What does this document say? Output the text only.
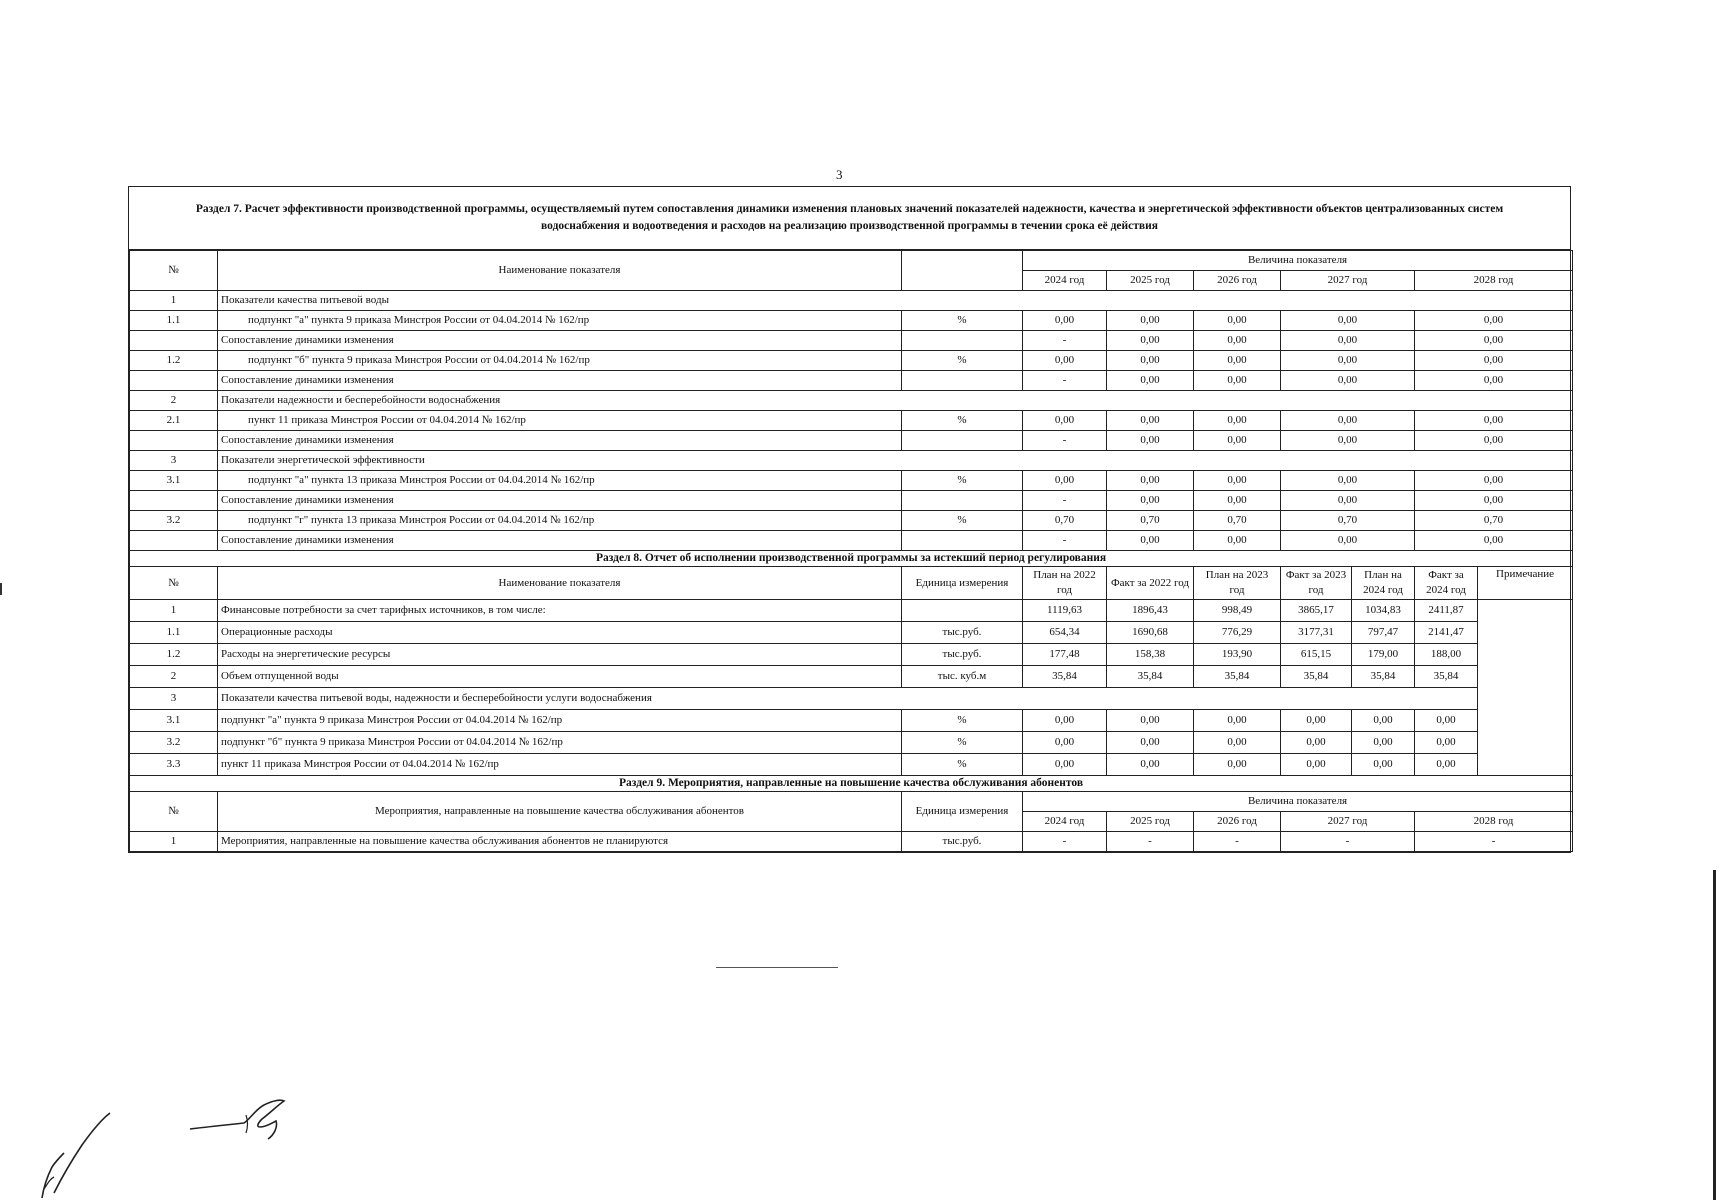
3
Раздел 7. Расчет эффективности производственной программы, осуществляемый путем сопоставления динамики изменения плановых значений показателей надежности, качества и энергетической эффективности объектов централизованных систем водоснабжения и водоотведения и расходов на реализацию производственной программы в течении срока её действия
№	Наименование показателя		Величина показателя						
			2024 год	2025 год	2026 год	2027 год		2028 год	
1	Показатели качества питьевой воды								
1.1	подпункт "а" пункта 9 приказа Минстроя России от 04.04.2014 № 162/пр	%	0,00	0,00	0,00	0,00		0,00	
	Сопоставление динамики изменения		-	0,00	0,00	0,00		0,00	
1.2	подпункт "б" пункта 9 приказа Минстроя России от 04.04.2014 № 162/пр	%	0,00	0,00	0,00	0,00		0,00	
	Сопоставление динамики изменения		-	0,00	0,00	0,00		0,00	
2	Показатели надежности и бесперебойности водоснабжения								
2.1	пункт 11 приказа Минстроя России от 04.04.2014 № 162/пр	%	0,00	0,00	0,00	0,00		0,00	
	Сопоставление динамики изменения		-	0,00	0,00	0,00		0,00	
3	Показатели энергетической эффективности								
3.1	подпункт "а" пункта 13 приказа Минстроя России от 04.04.2014 № 162/пр	%	0,00	0,00	0,00	0,00		0,00	
	Сопоставление динамики изменения		-	0,00	0,00	0,00		0,00	
3.2	подпункт "г" пункта 13 приказа Минстроя России от 04.04.2014 № 162/пр	%	0,70	0,70	0,70	0,70		0,70	
	Сопоставление динамики изменения		-	0,00	0,00	0,00		0,00	
Раздел 8. Отчет об исполнении производственной программы за истекший период регулирования									
№	Наименование показателя	Единица измерения	План на 2022 год	Факт за 2022 год	План на 2023 год	Факт за 2023 год	План на 2024 год	Факт за 2024 год	Примечание
1	Финансовые потребности за счет тарифных источников, в том числе:		1119,63	1896,43	998,49	3865,17	1034,83	2411,87	
1.1	Операционные расходы	тыс.руб.	654,34	1690,68	776,29	3177,31	797,47	2141,47	
1.2	Расходы на энергетические ресурсы	тыс.руб.	177,48	158,38	193,90	615,15	179,00	188,00	
2	Объем отпущенной воды	тыс. куб.м	35,84	35,84	35,84	35,84	35,84	35,84	
3	Показатели качества питьевой воды, надежности и бесперебойности услуги водоснабжения								
3.1	подпункт "а" пункта 9 приказа Минстроя России от 04.04.2014 № 162/пр	%	0,00	0,00	0,00	0,00	0,00	0,00	
3.2	подпункт "б" пункта 9 приказа Минстроя России от 04.04.2014 № 162/пр	%	0,00	0,00	0,00	0,00	0,00	0,00	
3.3	пункт 11 приказа Минстроя России от 04.04.2014 № 162/пр	%	0,00	0,00	0,00	0,00	0,00	0,00	
Раздел 9. Мероприятия, направленные на повышение качества обслуживания абонентов									
№	Мероприятия, направленные на повышение качества обслуживания абонентов	Единица измерения	Величина показателя						
			2024 год	2025 год	2026 год	2027 год		2028 год	
1	Мероприятия, направленные на повышение качества обслуживания абонентов не планируются	тыс.руб.	-	-	-	-		-	
